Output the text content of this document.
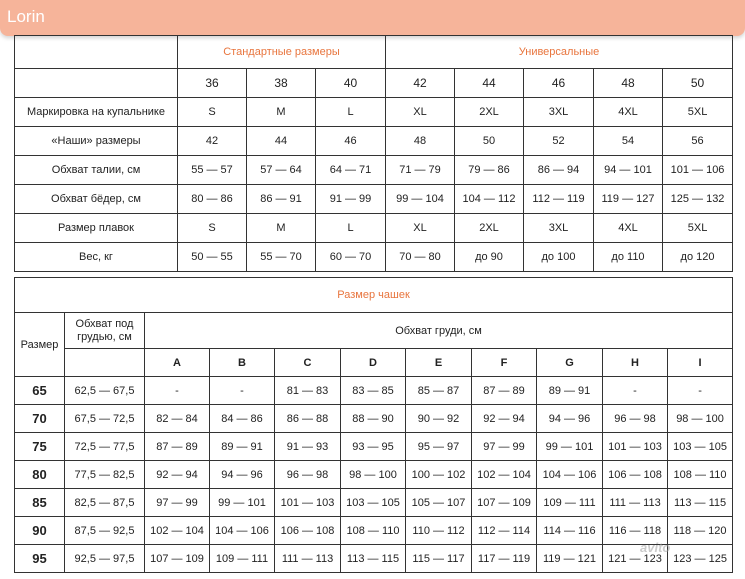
Lorin
	Стандартные размеры			Универсальные				
	36	38	40	42	44	46	48	50
Маркировка на купальнике	S	M	L	XL	2XL	3XL	4XL	5XL
«Наши» размеры	42	44	46	48	50	52	54	56
Обхват талии, см	55 — 57	57 — 64	64 — 71	71 — 79	79 — 86	86 — 94	94 — 101	101 — 106
Обхват бёдер, см	80 — 86	86 — 91	91 — 99	99 — 104	104 — 112	112 — 119	119 — 127	125 — 132
Размер плавок	S	M	L	XL	2XL	3XL	4XL	5XL
Вес, кг	50 — 55	55 — 70	60 — 70	70 — 80	до 90	до 100	до 110	до 120
Размер чашек										
Размер	Обхват под грудью, см	Обхват груди, см								
		A	B	C	D	E	F	G	H	I
65	62,5 — 67,5	-	-	81 — 83	83 — 85	85 — 87	87 — 89	89 — 91	-	-
70	67,5 — 72,5	82 — 84	84 — 86	86 — 88	88 — 90	90 — 92	92 — 94	94 — 96	96 — 98	98 — 100
75	72,5 — 77,5	87 — 89	89 — 91	91 — 93	93 — 95	95 — 97	97 — 99	99 — 101	101 — 103	103 — 105
80	77,5 — 82,5	92 — 94	94 — 96	96 — 98	98 — 100	100 — 102	102 — 104	104 — 106	106 — 108	108 — 110
85	82,5 — 87,5	97 — 99	99 — 101	101 — 103	103 — 105	105 — 107	107 — 109	109 — 111	111 — 113	113 — 115
90	87,5 — 92,5	102 — 104	104 — 106	106 — 108	108 — 110	110 — 112	112 — 114	114 — 116	116 — 118	118 — 120
95	92,5 — 97,5	107 — 109	109 — 111	111 — 113	113 — 115	115 — 117	117 — 119	119 — 121	121 — 123	123 — 125
avito
